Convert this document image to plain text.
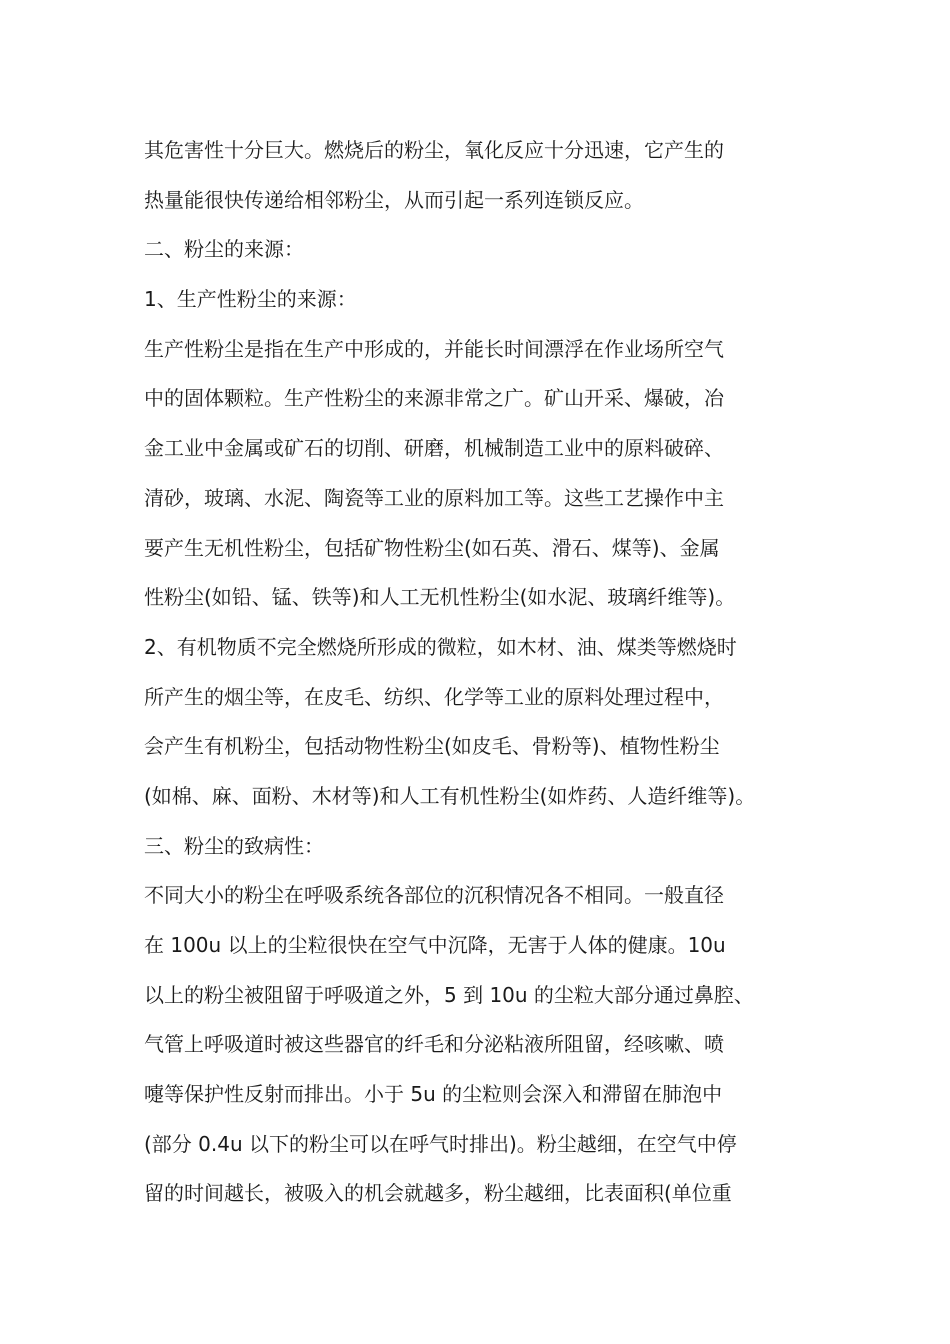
其危害性十分巨大。燃烧后的粉尘，氧化反应十分迅速，它产生的
热量能很快传递给相邻粉尘，从而引起一系列连锁反应。
二、粉尘的来源：
1、生产性粉尘的来源：
生产性粉尘是指在生产中形成的，并能长时间漂浮在作业场所空气
中的固体颗粒。生产性粉尘的来源非常之广。矿山开采、爆破，冶
金工业中金属或矿石的切削、研磨，机械制造工业中的原料破碎、
清砂，玻璃、水泥、陶瓷等工业的原料加工等。这些工艺操作中主
要产生无机性粉尘，包括矿物性粉尘(如石英、滑石、煤等)、金属
性粉尘(如铅、锰、铁等)和人工无机性粉尘(如水泥、玻璃纤维等)。
2、有机物质不完全燃烧所形成的微粒，如木材、油、煤类等燃烧时
所产生的烟尘等，在皮毛、纺织、化学等工业的原料处理过程中，
会产生有机粉尘，包括动物性粉尘(如皮毛、骨粉等)、植物性粉尘
(如棉、麻、面粉、木材等)和人工有机性粉尘(如炸药、人造纤维等)。
三、粉尘的致病性：
不同大小的粉尘在呼吸系统各部位的沉积情况各不相同。一般直径
在 100u 以上的尘粒很快在空气中沉降，无害于人体的健康。10u
以上的粉尘被阻留于呼吸道之外，5 到 10u 的尘粒大部分通过鼻腔、
气管上呼吸道时被这些器官的纤毛和分泌粘液所阻留，经咳嗽、喷
嚏等保护性反射而排出。小于 5u 的尘粒则会深入和滞留在肺泡中
(部分 0.4u 以下的粉尘可以在呼气时排出)。粉尘越细，在空气中停
留的时间越长，被吸入的机会就越多，粉尘越细，比表面积(单位重
